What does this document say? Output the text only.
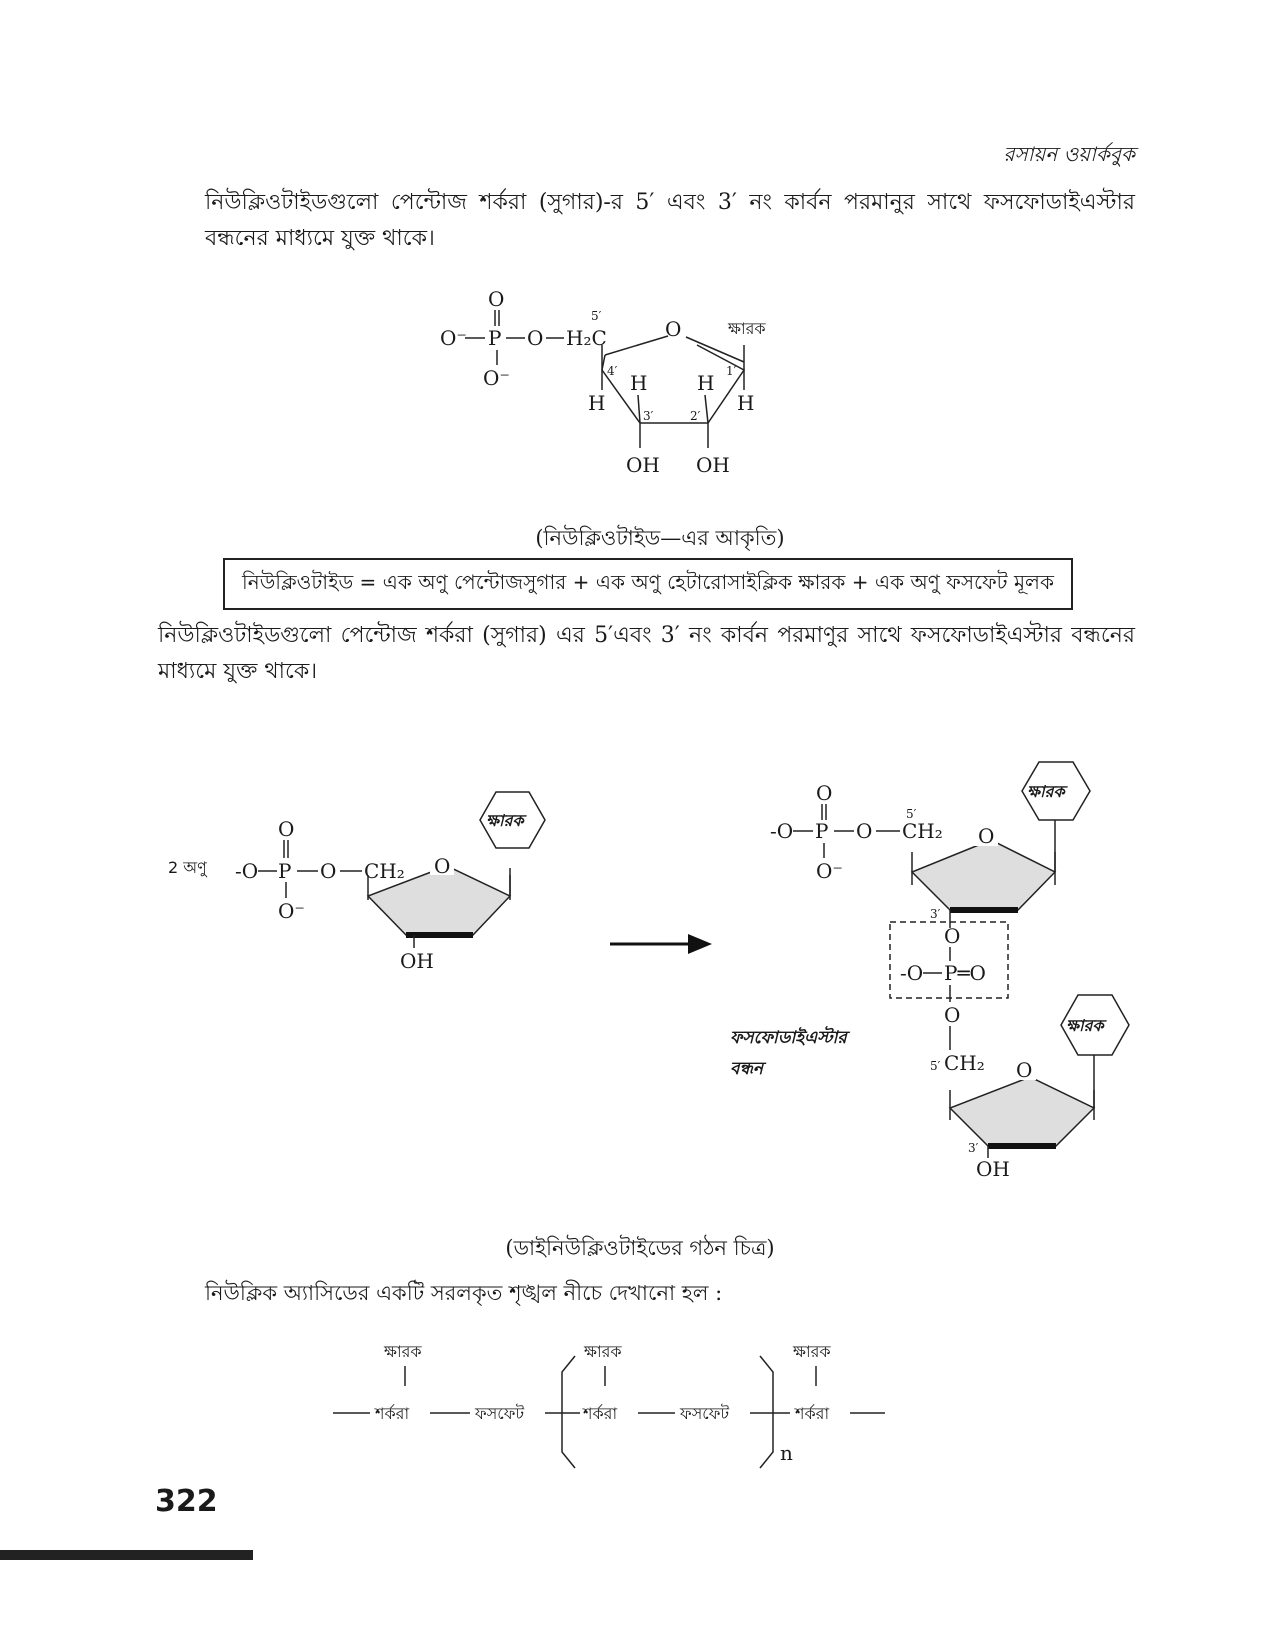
রসায়ন ওয়ার্কবুক
নিউক্লিওটাইডগুলো পেন্টোজ শর্করা (সুগার)-র 5′ এবং 3′ নং কার্বন পরমানুর সাথে ফসফোডাইএস্টার বন্ধনের মাধ্যমে যুক্ত থাকে।
O
O⁻ P O H₂C
5′
O⁻
O	ক্ষারক
4′	1′
H	H
H H
3′	2′
OH OH
2 অণু -O P
O
O CH₂
O⁻
O
OH
ক্ষারক
O
-O P O CH₂
5′
O⁻
O
ক্ষারক
3′
O
-O P═O
O
5′ CH₂
ফসফোডাইএস্টার
বন্ধন	O
ক্ষারক
3′
OH
ক্ষারক
শর্করা	ফসফেট
ক্ষারক
শর্করা	ফসফেট
n
ক্ষারক
শর্করা
(নিউক্লিওটাইড—এর আকৃতি)
নিউক্লিওটাইড = এক অণু পেন্টোজসুগার + এক অণু হেটারোসাইক্লিক ক্ষারক + এক অণু ফসফেট মূলক
নিউক্লিওটাইডগুলো পেন্টোজ শর্করা (সুগার) এর 5′এবং 3′ নং কার্বন পরমাণুর সাথে ফসফোডাইএস্টার বন্ধনের মাধ্যমে যুক্ত থাকে।
(ডাইনিউক্লিওটাইডের গঠন চিত্র)
নিউক্লিক অ্যাসিডের একটি সরলকৃত শৃঙ্খল নীচে দেখানো হল :
322
